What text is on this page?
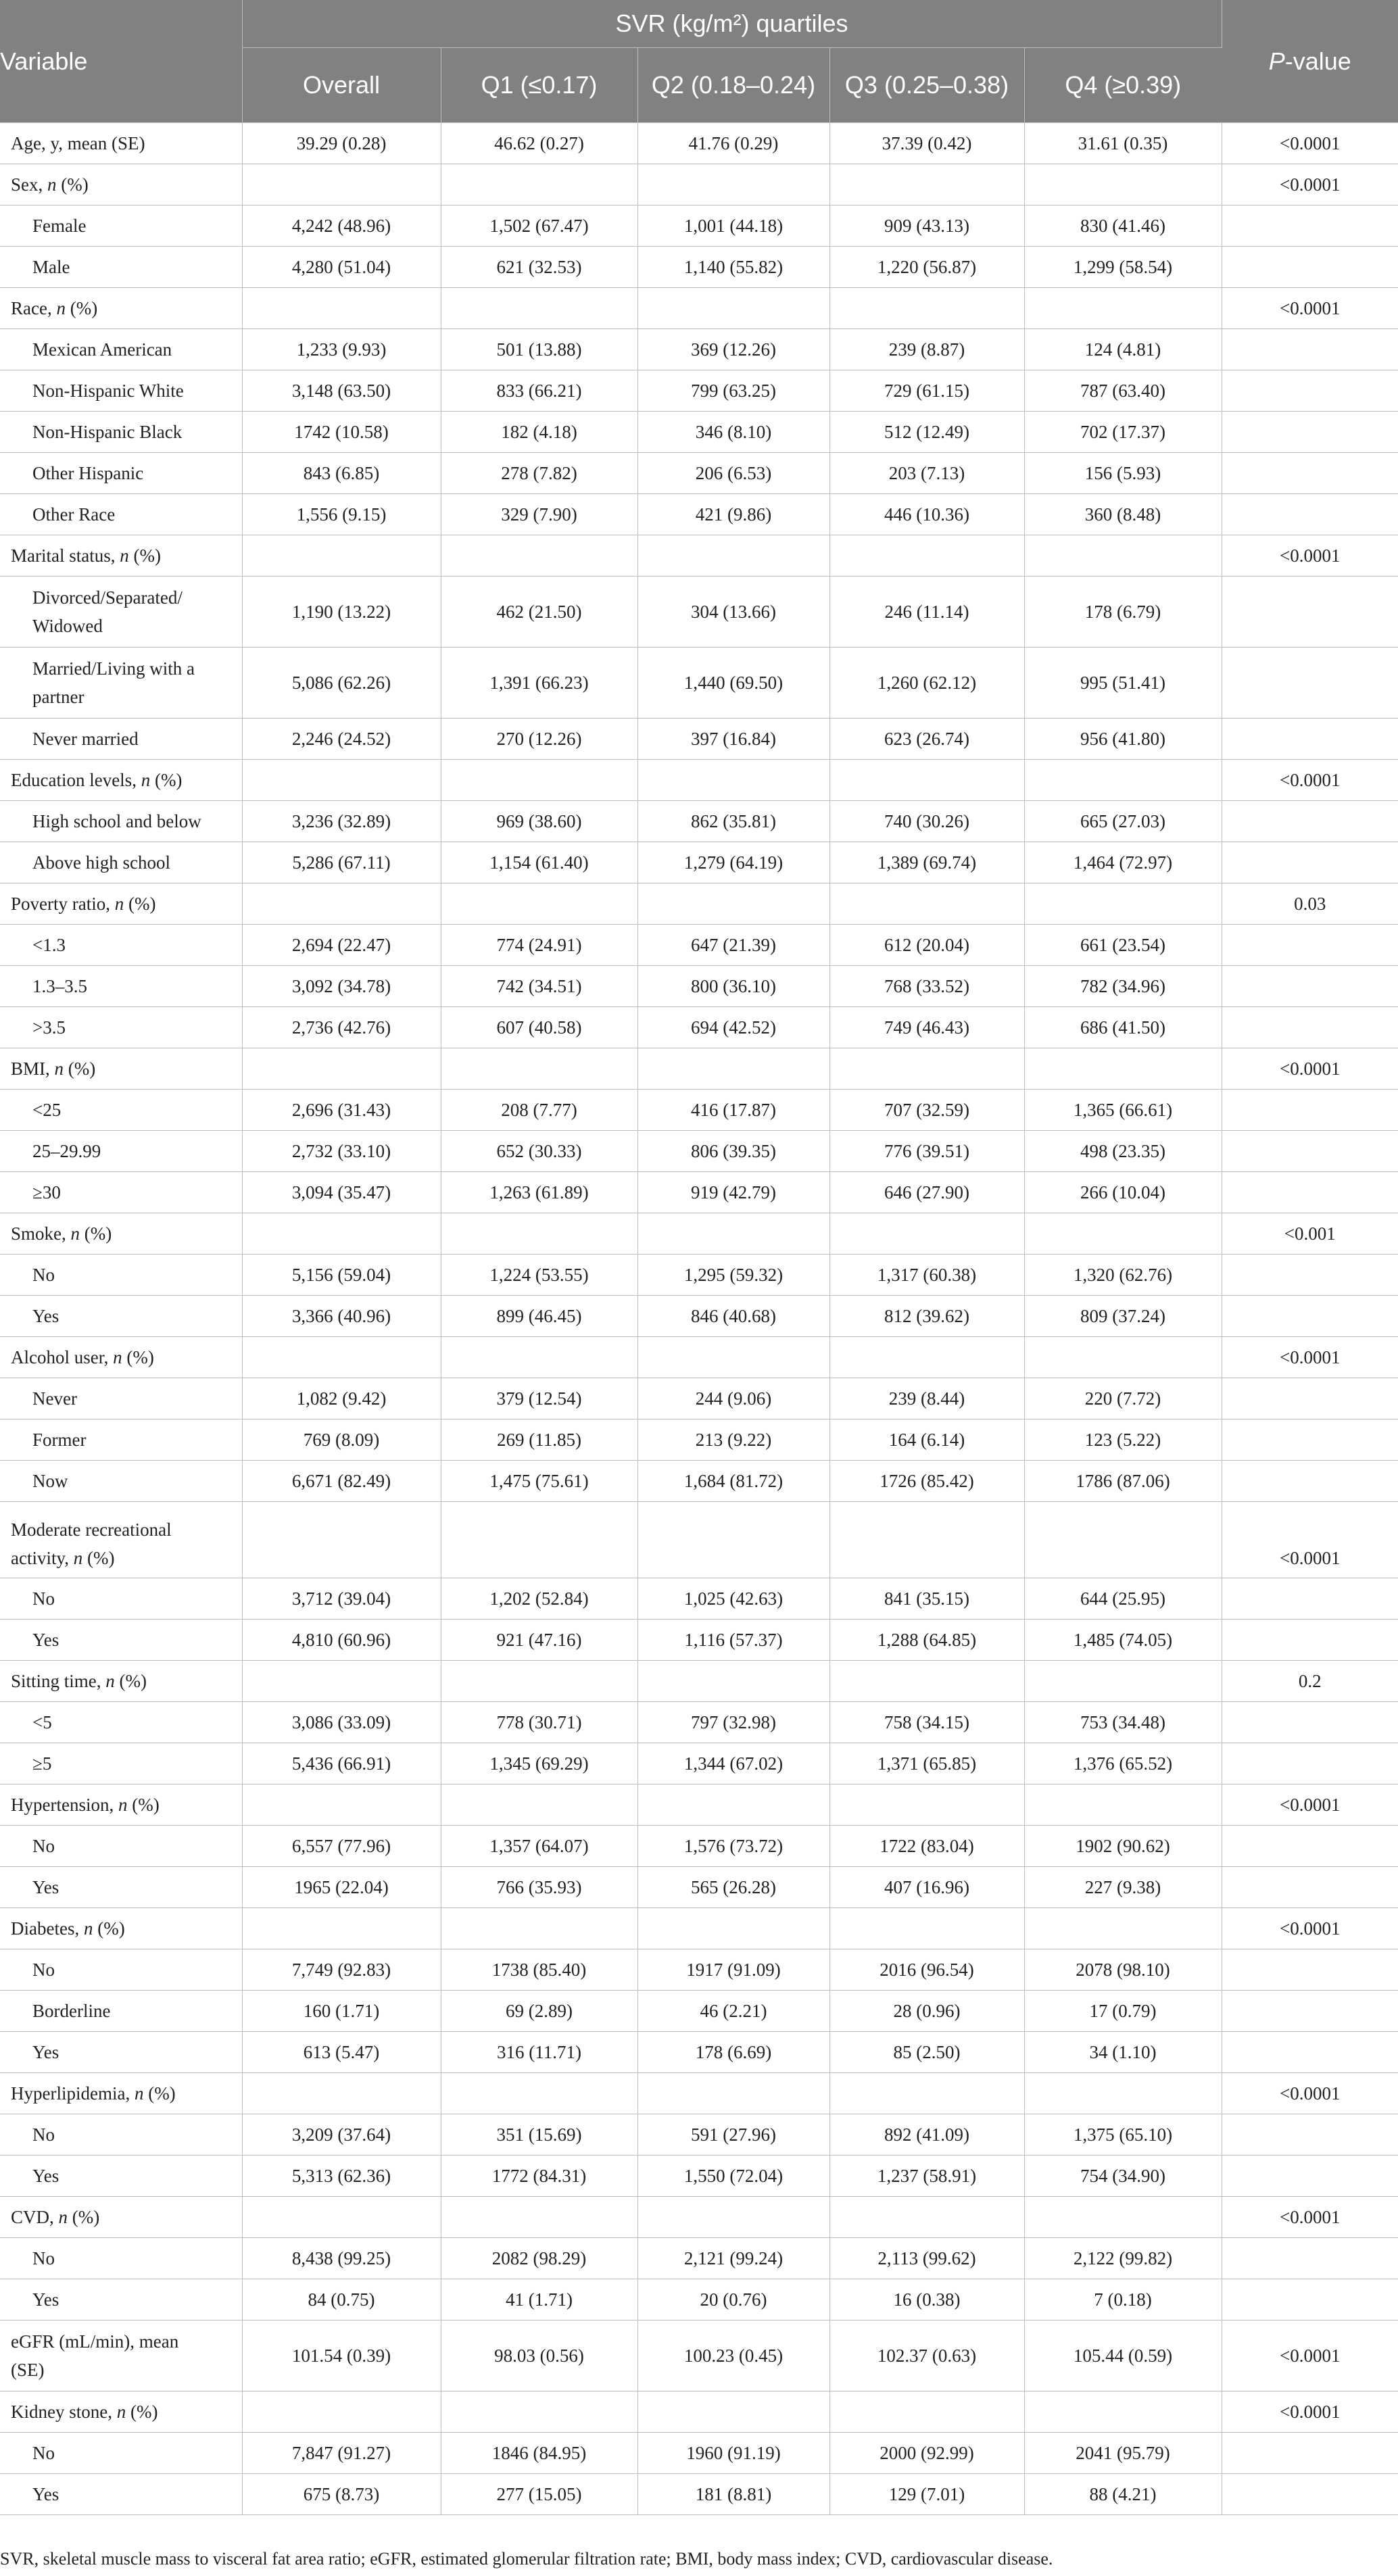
Variable	SVR (kg/m²) quartiles					P-value
	Overall	Q1 (≤0.17)	Q2 (0.18–0.24)	Q3 (0.25–0.38)	Q4 (≥0.39)	
Age, y, mean (SE)	39.29 (0.28)	46.62 (0.27)	41.76 (0.29)	37.39 (0.42)	31.61 (0.35)	<0.0001
Sex, n (%)						<0.0001
Female	4,242 (48.96)	1,502 (67.47)	1,001 (44.18)	909 (43.13)	830 (41.46)	
Male	4,280 (51.04)	621 (32.53)	1,140 (55.82)	1,220 (56.87)	1,299 (58.54)	
Race, n (%)						<0.0001
Mexican American	1,233 (9.93)	501 (13.88)	369 (12.26)	239 (8.87)	124 (4.81)	
Non-Hispanic White	3,148 (63.50)	833 (66.21)	799 (63.25)	729 (61.15)	787 (63.40)	
Non-Hispanic Black	1742 (10.58)	182 (4.18)	346 (8.10)	512 (12.49)	702 (17.37)	
Other Hispanic	843 (6.85)	278 (7.82)	206 (6.53)	203 (7.13)	156 (5.93)	
Other Race	1,556 (9.15)	329 (7.90)	421 (9.86)	446 (10.36)	360 (8.48)	
Marital status, n (%)						<0.0001
Divorced/Separated/
Widowed	1,190 (13.22)	462 (21.50)	304 (13.66)	246 (11.14)	178 (6.79)	
Married/Living with a
partner	5,086 (62.26)	1,391 (66.23)	1,440 (69.50)	1,260 (62.12)	995 (51.41)	
Never married	2,246 (24.52)	270 (12.26)	397 (16.84)	623 (26.74)	956 (41.80)	
Education levels, n (%)						<0.0001
High school and below	3,236 (32.89)	969 (38.60)	862 (35.81)	740 (30.26)	665 (27.03)	
Above high school	5,286 (67.11)	1,154 (61.40)	1,279 (64.19)	1,389 (69.74)	1,464 (72.97)	
Poverty ratio, n (%)						0.03
<1.3	2,694 (22.47)	774 (24.91)	647 (21.39)	612 (20.04)	661 (23.54)	
1.3–3.5	3,092 (34.78)	742 (34.51)	800 (36.10)	768 (33.52)	782 (34.96)	
>3.5	2,736 (42.76)	607 (40.58)	694 (42.52)	749 (46.43)	686 (41.50)	
BMI, n (%)						<0.0001
<25	2,696 (31.43)	208 (7.77)	416 (17.87)	707 (32.59)	1,365 (66.61)	
25–29.99	2,732 (33.10)	652 (30.33)	806 (39.35)	776 (39.51)	498 (23.35)	
≥30	3,094 (35.47)	1,263 (61.89)	919 (42.79)	646 (27.90)	266 (10.04)	
Smoke, n (%)						<0.001
No	5,156 (59.04)	1,224 (53.55)	1,295 (59.32)	1,317 (60.38)	1,320 (62.76)	
Yes	3,366 (40.96)	899 (46.45)	846 (40.68)	812 (39.62)	809 (37.24)	
Alcohol user, n (%)						<0.0001
Never	1,082 (9.42)	379 (12.54)	244 (9.06)	239 (8.44)	220 (7.72)	
Former	769 (8.09)	269 (11.85)	213 (9.22)	164 (6.14)	123 (5.22)	
Now	6,671 (82.49)	1,475 (75.61)	1,684 (81.72)	1726 (85.42)	1786 (87.06)	
Moderate recreational
activity, n (%)						<0.0001
No	3,712 (39.04)	1,202 (52.84)	1,025 (42.63)	841 (35.15)	644 (25.95)	
Yes	4,810 (60.96)	921 (47.16)	1,116 (57.37)	1,288 (64.85)	1,485 (74.05)	
Sitting time, n (%)						0.2
<5	3,086 (33.09)	778 (30.71)	797 (32.98)	758 (34.15)	753 (34.48)	
≥5	5,436 (66.91)	1,345 (69.29)	1,344 (67.02)	1,371 (65.85)	1,376 (65.52)	
Hypertension, n (%)						<0.0001
No	6,557 (77.96)	1,357 (64.07)	1,576 (73.72)	1722 (83.04)	1902 (90.62)	
Yes	1965 (22.04)	766 (35.93)	565 (26.28)	407 (16.96)	227 (9.38)	
Diabetes, n (%)						<0.0001
No	7,749 (92.83)	1738 (85.40)	1917 (91.09)	2016 (96.54)	2078 (98.10)	
Borderline	160 (1.71)	69 (2.89)	46 (2.21)	28 (0.96)	17 (0.79)	
Yes	613 (5.47)	316 (11.71)	178 (6.69)	85 (2.50)	34 (1.10)	
Hyperlipidemia, n (%)						<0.0001
No	3,209 (37.64)	351 (15.69)	591 (27.96)	892 (41.09)	1,375 (65.10)	
Yes	5,313 (62.36)	1772 (84.31)	1,550 (72.04)	1,237 (58.91)	754 (34.90)	
CVD, n (%)						<0.0001
No	8,438 (99.25)	2082 (98.29)	2,121 (99.24)	2,113 (99.62)	2,122 (99.82)	
Yes	84 (0.75)	41 (1.71)	20 (0.76)	16 (0.38)	7 (0.18)	
eGFR (mL/min), mean
(SE)	101.54 (0.39)	98.03 (0.56)	100.23 (0.45)	102.37 (0.63)	105.44 (0.59)	<0.0001
Kidney stone, n (%)						<0.0001
No	7,847 (91.27)	1846 (84.95)	1960 (91.19)	2000 (92.99)	2041 (95.79)	
Yes	675 (8.73)	277 (15.05)	181 (8.81)	129 (7.01)	88 (4.21)	
SVR, skeletal muscle mass to visceral fat area ratio; eGFR, estimated glomerular filtration rate; BMI, body mass index; CVD, cardiovascular disease.
